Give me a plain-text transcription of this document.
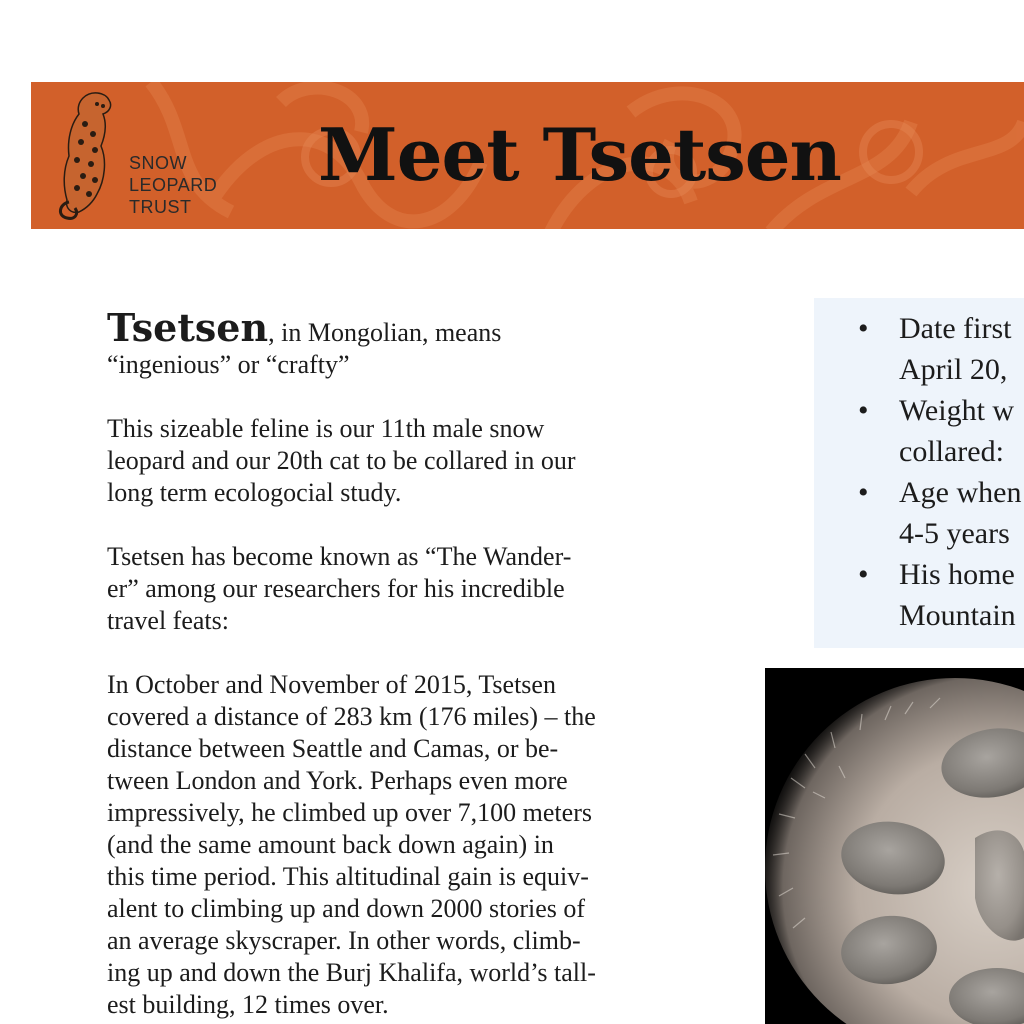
SNOW
LEOPARD
TRUST
Meet Tsetsen
Tsetsen, in Mongolian, means
“ingenious” or “crafty”
This sizeable feline is our 11th male snow
leopard and our 20th cat to be collared in our
long term ecologocial study.
Tsetsen has become known as “The Wander-
er” among our researchers for his incredible
travel feats:
In October and November of 2015, Tsetsen
covered a distance of 283 km (176 miles) – the
distance between Seattle and Camas, or be-
tween London and York. Perhaps even more
impressively, he climbed up over 7,100 meters
(and the same amount back down again) in
this time period. This altitudinal gain is equiv-
alent to climbing up and down 2000 stories of
an average skyscraper. In other words, climb-
ing up and down the Burj Khalifa, world’s tall-
est building, 12 times over.
• Date first
April 20,
• Weight w
collared:
• Age when
4-5 years
• His home
Mountain
